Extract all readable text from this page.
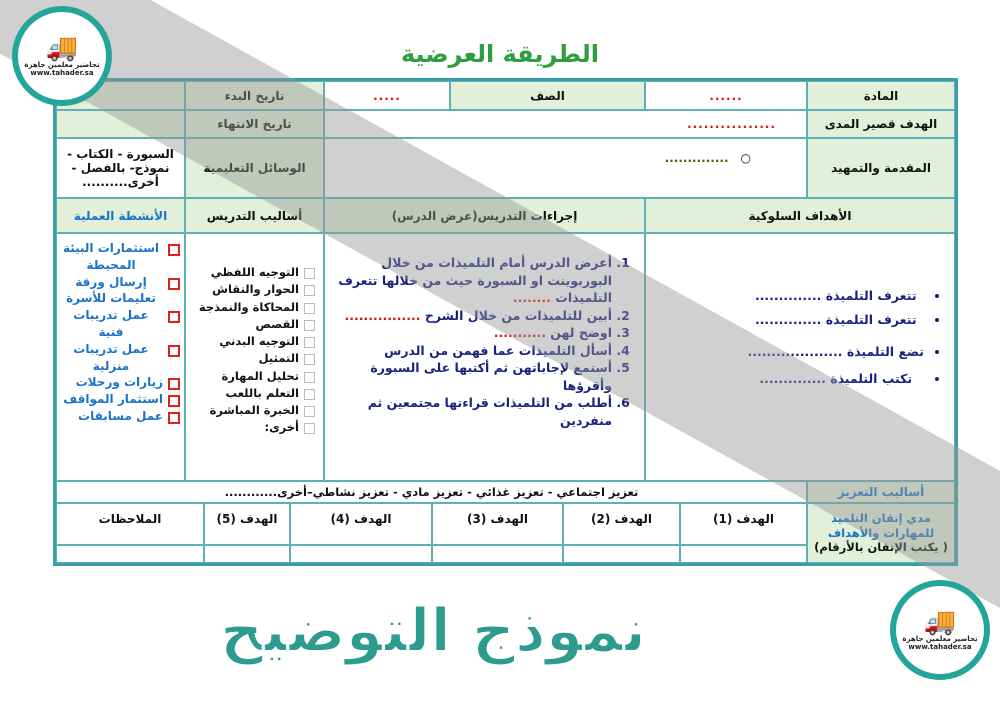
الطريقة العرضية
المادة
......
الصف
.....
تاريخ البدء
الهدف قصير المدى
................
تاريخ الانتهاء
المقدمة والتمهيد
○
..............
الوسائل التعليمية
السبورة - الكتاب - نموذج- بالفصل - أخرى..........
الأهداف السلوكية
إجراءات التدريس(عرض الدرس)
أساليب التدريس
الأنشطة العملية
• تتعرف التلميذة ..............
• تتعرف التلميذة ..............
• تضع التلميذة ....................
• تكتب التلميذة ..............
1. أعرض الدرس أمام التلميذات من خلال البوربوينت او السبورة حيث من خلالها تتعرف التلميذات ........
2. أبين للتلميذات من خلال الشرح ................
3. اوضح لهن ...........
4. أسأل التلميذات عما فهمن من الدرس
5. أستمع لإجاباتهن ثم أكتبها على السبورة وأقرؤها
6. أطلب من التلميذات قراءتها مجتمعين ثم منفردين
التوجيه اللفظي
الحوار والنقاش
المحاكاة والنمذجة
القصص
التوجيه البدني
التمثيل
تحليل المهارة
التعلم باللعب
الخبرة المباشرة
أخرى:
استثمارات البيئة المحيطة
إرسال ورقة تعليمات للأسرة
عمل تدريبات فنية
عمل تدريبات منزلية
زيارات ورحلات
استثمار المواقف
عمل مسابقات
أساليب التعزيز
تعزيز اجتماعي - تعزيز غذائي - تعزيز مادي - تعزيز نشاطي–أخرى............
مدي إتقان التلميذ للمهارات والأهداف
( يكتب الإتقان بالأرقام)
الهدف (1)
الهدف (2)
الهدف (3)
الهدف (4)
الهدف (5)
الملاحظات
نموذج التوضيح
🚚
تحاضير معلمين جاهزة
www.tahader.sa
🚚
تحاضير معلمين جاهزة
www.tahader.sa
